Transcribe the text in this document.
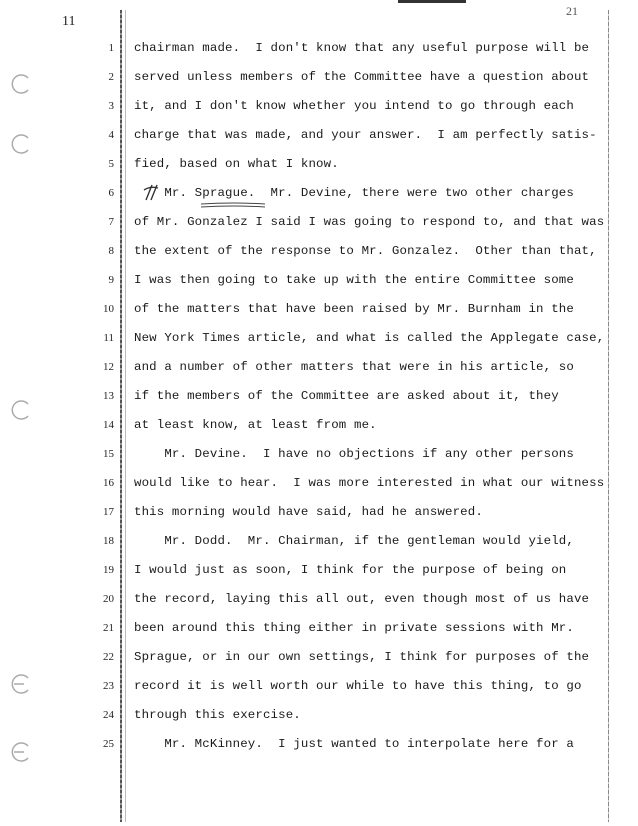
11
21
1 chairman made.  I don't know that any useful purpose will be
2 served unless members of the Committee have a question about
3 it, and I don't know whether you intend to go through each
4 charge that was made, and your answer.  I am perfectly satis-
5 fied, based on what I know.
6 Mr. Sprague.  Mr. Devine, there were two other charges
7 of Mr. Gonzalez I said I was going to respond to, and that was
8 the extent of the response to Mr. Gonzalez.  Other than that,
9 I was then going to take up with the entire Committee some
10 of the matters that have been raised by Mr. Burnham in the
11 New York Times article, and what is called the Applegate case,
12 and a number of other matters that were in his article, so
13 if the members of the Committee are asked about it, they
14 at least know, at least from me.
15 Mr. Devine.  I have no objections if any other persons
16 would like to hear.  I was more interested in what our witness
17 this morning would have said, had he answered.
18 Mr. Dodd.  Mr. Chairman, if the gentleman would yield,
19 I would just as soon, I think for the purpose of being on
20 the record, laying this all out, even though most of us have
21 been around this thing either in private sessions with Mr.
22 Sprague, or in our own settings, I think for purposes of the
23 record it is well worth our while to have this thing, to go
24 through this exercise.
25 Mr. McKinney.  I just wanted to interpolate here for a
